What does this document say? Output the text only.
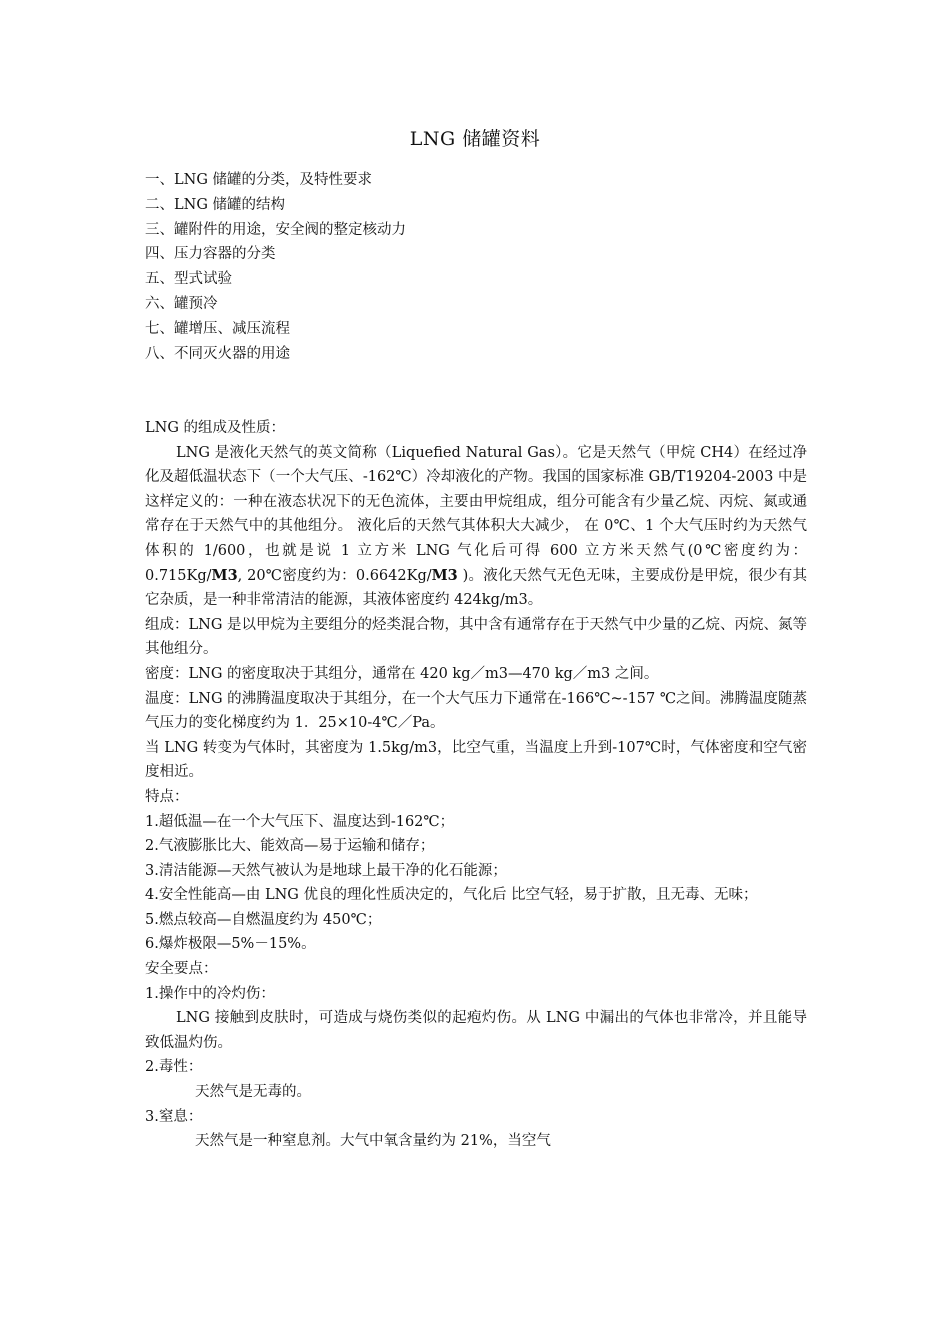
LNG 储罐资料
一、LNG 储罐的分类，及特性要求
二、LNG 储罐的结构
三、罐附件的用途，安全阀的整定核动力
四、压力容器的分类
五、型式试验
六、罐预冷
七、罐增压、减压流程
八、不同灭火器的用途

LNG 的组成及性质：

LNG 是液化天然气的英文简称（Liquefied Natural Gas）。它是天然气（甲烷 CH4）在经过净化及超低温状态下（一个大气压、-162℃）冷却液化的产物。我国的国家标准 GB/T19204-2003 中是这样定义的：一种在液态状况下的无色流体，主要由甲烷组成，组分可能含有少量乙烷、丙烷、氮或通常存在于天然气中的其他组分。 液化后的天然气其体积大大减少， 在 0℃、1 个大气压时约为天然气体积的 1/600，也就是说 1 立方米 LNG 气化后可得 600 立方米天然气(0℃密度约为：0.715Kg/M3, 20℃密度约为：0.6642Kg/M3 )。液化天然气无色无味，主要成份是甲烷，很少有其它杂质，是一种非常清洁的能源，其液体密度约 424kg/m3。

组成：LNG 是以甲烷为主要组分的烃类混合物，其中含有通常存在于天然气中少量的乙烷、丙烷、氮等其他组分。

密度：LNG 的密度取决于其组分，通常在 420 kg／m3—470 kg／m3 之间。

温度：LNG 的沸腾温度取决于其组分，在一个大气压力下通常在-166℃~-157 ℃之间。沸腾温度随蒸气压力的变化梯度约为 1．25×10-4℃／Pa。

当 LNG 转变为气体时，其密度为 1.5kg/m3，比空气重，当温度上升到-107℃时，气体密度和空气密度相近。

特点：

1.超低温—在一个大气压下、温度达到-162℃；

2.气液膨胀比大、能效高—易于运输和储存；

3.清洁能源—天然气被认为是地球上最干净的化石能源；

4.安全性能高—由 LNG 优良的理化性质决定的，气化后 比空气轻，易于扩散，且无毒、无味；

5.燃点较高—自燃温度约为 450℃；

6.爆炸极限—5%－15%。

安全要点：

1.操作中的冷灼伤：

LNG 接触到皮肤时，可造成与烧伤类似的起疱灼伤。从 LNG 中漏出的气体也非常冷，并且能导致低温灼伤。

2.毒性：

天然气是无毒的。

3.窒息：

天然气是一种窒息剂。大气中氧含量约为 21%，当空气
